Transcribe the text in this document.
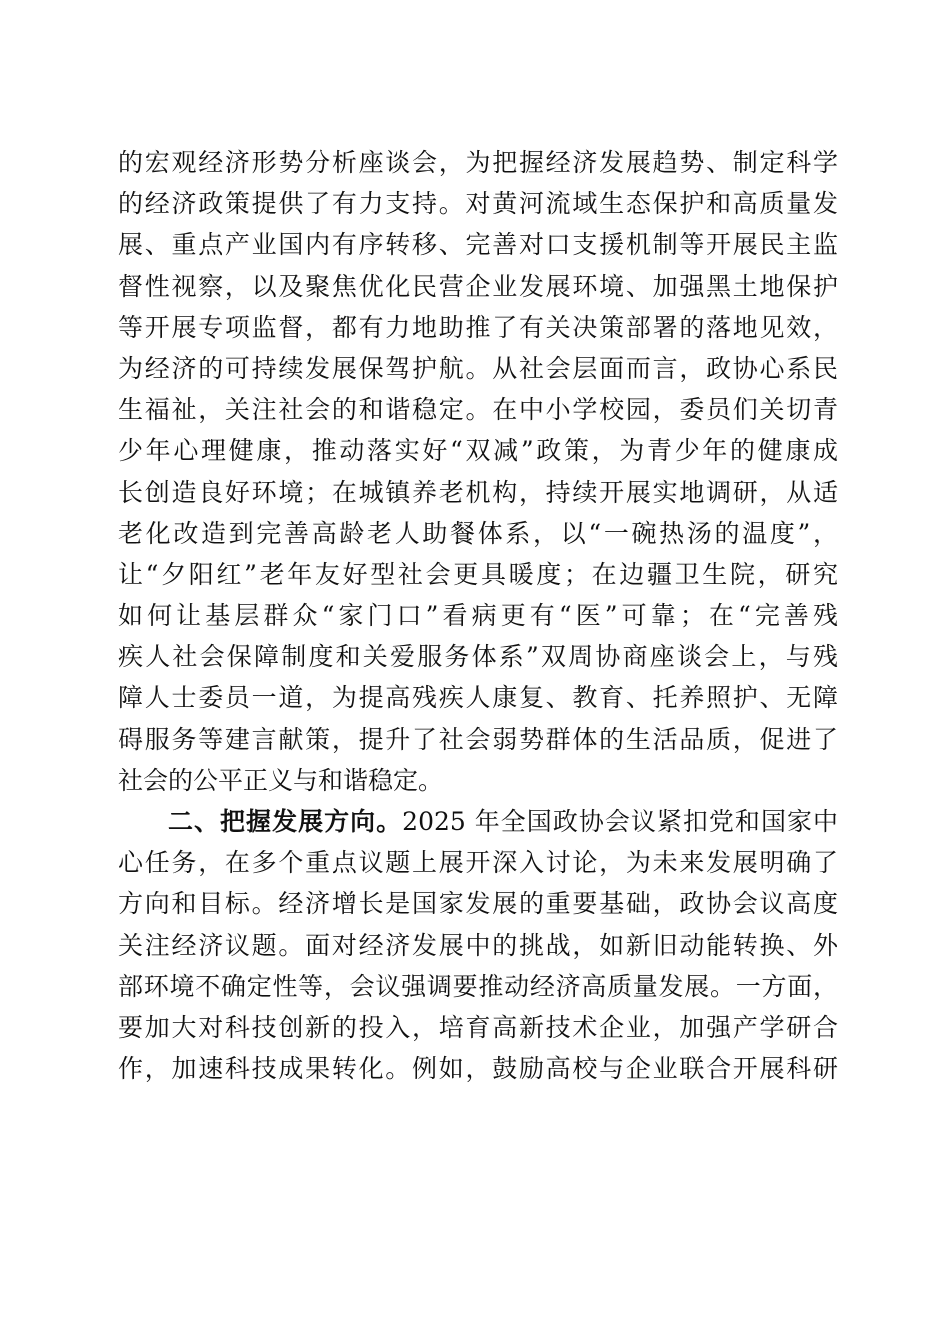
的宏观经济形势分析座谈会，为把握经济发展趋势、制定科学
的经济政策提供了有力支持。对黄河流域生态保护和高质量发
展、重点产业国内有序转移、完善对口支援机制等开展民主监
督性视察，以及聚焦优化民营企业发展环境、加强黑土地保护
等开展专项监督，都有力地助推了有关决策部署的落地见效，
为经济的可持续发展保驾护航。从社会层面而言，政协心系民
生福祉，关注社会的和谐稳定。在中小学校园，委员们关切青
少年心理健康，推动落实好“双减”政策，为青少年的健康成
长创造良好环境；在城镇养老机构，持续开展实地调研，从适
老化改造到完善高龄老人助餐体系，以“一碗热汤的温度”，
让“夕阳红”老年友好型社会更具暖度；在边疆卫生院，研究
如何让基层群众“家门口”看病更有“医”可靠；在“完善残
疾人社会保障制度和关爱服务体系”双周协商座谈会上，与残
障人士委员一道，为提高残疾人康复、教育、托养照护、无障
碍服务等建言献策，提升了社会弱势群体的生活品质，促进了
社会的公平正义与和谐稳定。
二、把握发展方向。2025 年全国政协会议紧扣党和国家中
心任务，在多个重点议题上展开深入讨论，为未来发展明确了
方向和目标。经济增长是国家发展的重要基础，政协会议高度
关注经济议题。面对经济发展中的挑战，如新旧动能转换、外
部环境不确定性等，会议强调要推动经济高质量发展。一方面，
要加大对科技创新的投入，培育高新技术企业，加强产学研合
作，加速科技成果转化。例如，鼓励高校与企业联合开展科研
